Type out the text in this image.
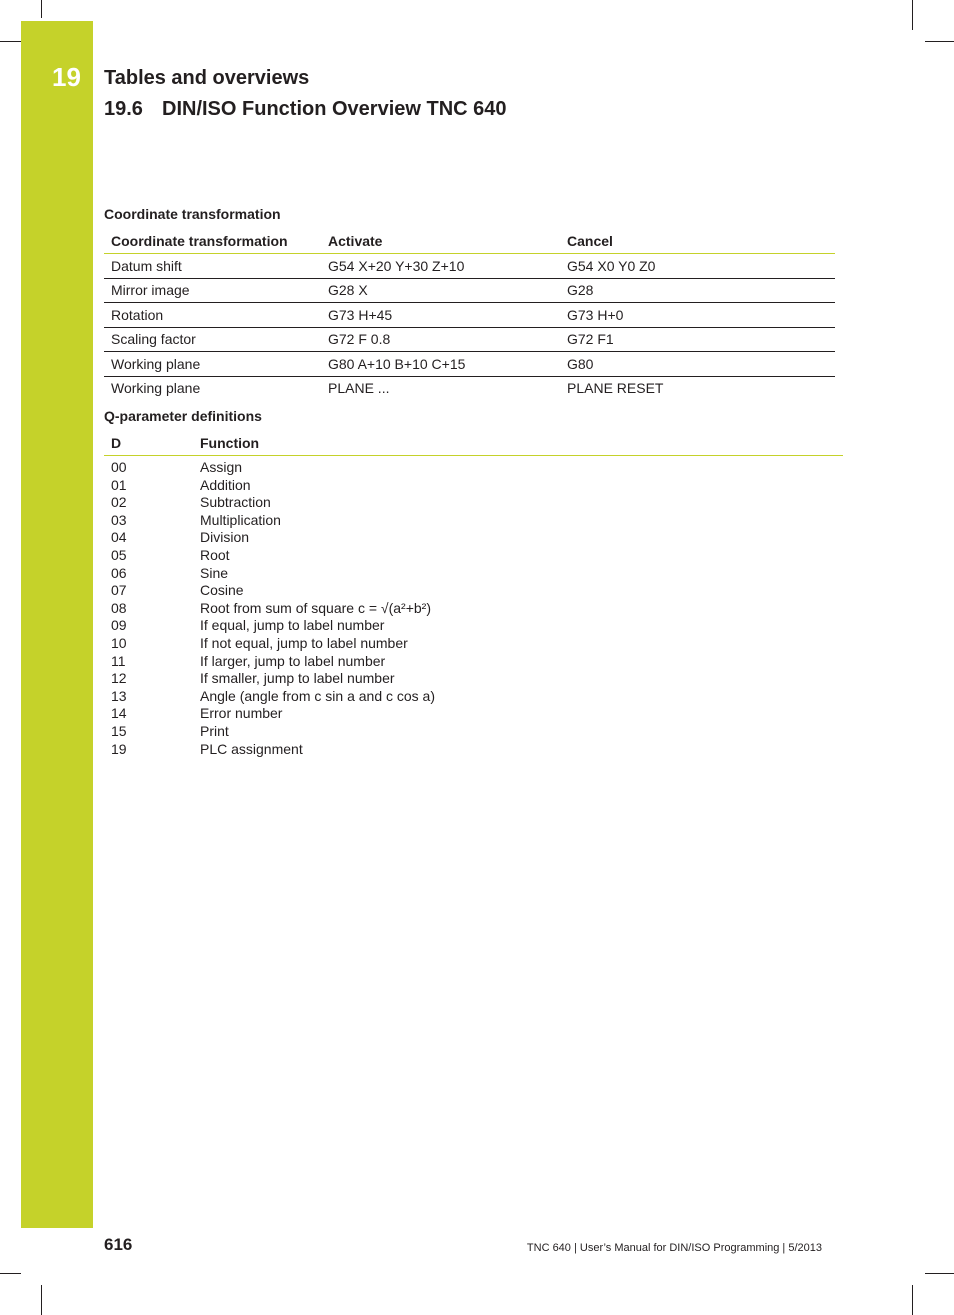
19 Tables and overviews
19.6 DIN/ISO Function Overview TNC 640
Coordinate transformation
Coordinate transformation	Activate	Cancel
Datum shift	G54 X+20 Y+30 Z+10	G54 X0 Y0 Z0
Mirror image	G28 X	G28
Rotation	G73 H+45	G73 H+0
Scaling factor	G72 F 0.8	G72 F1
Working plane	G80 A+10 B+10 C+15	G80
Working plane	PLANE ...	PLANE RESET
Q-parameter definitions
D	Function
00	Assign
01	Addition
02	Subtraction
03	Multiplication
04	Division
05	Root
06	Sine
07	Cosine
08	Root from sum of square c = √(a²+b²)
09	If equal, jump to label number
10	If not equal, jump to label number
11	If larger, jump to label number
12	If smaller, jump to label number
13	Angle (angle from c sin a and c cos a)
14	Error number
15	Print
19	PLC assignment
616	TNC 640 | User’s Manual for DIN/ISO Programming | 5/2013
